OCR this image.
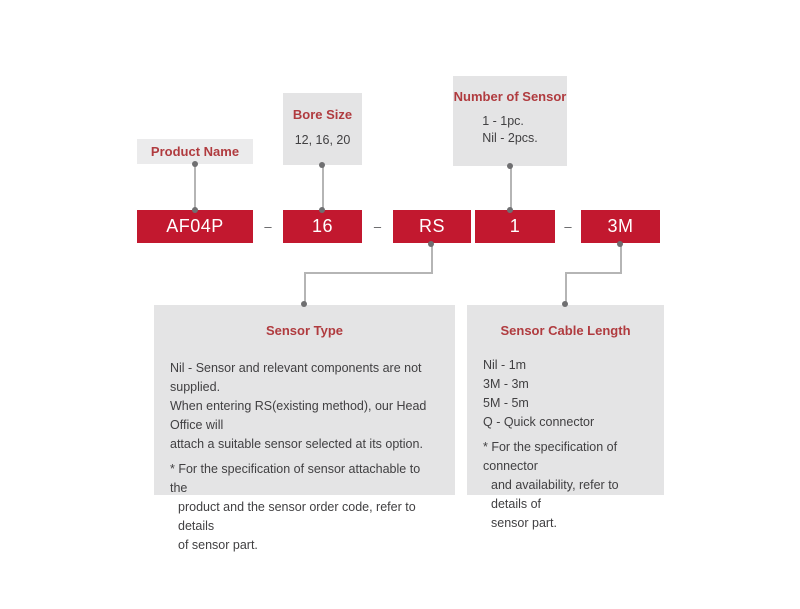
Product Name
Bore Size
12, 16, 20
Number of Sensor
1 - 1pc.
Nil - 2pcs.
AF04P	–	16	–	RS	1	–	3M
Sensor Type
Nil - Sensor and relevant components are not supplied.
When entering RS(existing method), our Head Office will
attach a suitable sensor selected at its option.
* For the specification of sensor attachable to the
product and the sensor order code, refer to details
of sensor part.
Sensor Cable Length
Nil - 1m
3M - 3m
5M - 5m
Q - Quick connector
* For the specification of connector
and availability, refer to details of
sensor part.
